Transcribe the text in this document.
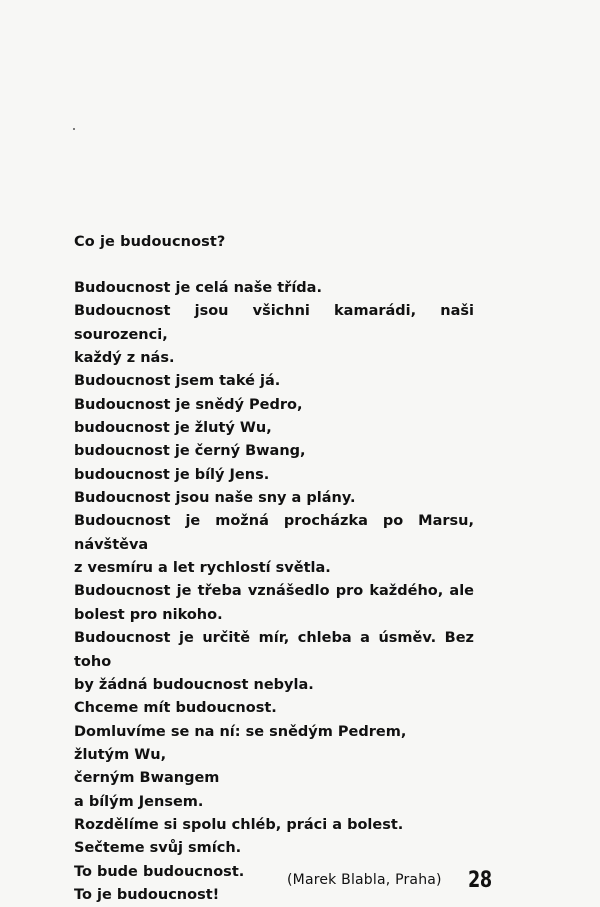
Co je budoucnost?
Budoucnost je celá naše třída.
Budoucnost jsou všichni kamarádi, naši sourozenci,
každý z nás.
Budoucnost jsem také já.
Budoucnost je snědý Pedro,
budoucnost je žlutý Wu,
budoucnost je černý Bwang,
budoucnost je bílý Jens.
Budoucnost jsou naše sny a plány.
Budoucnost je možná procházka po Marsu, návštěva
z vesmíru a let rychlostí světla.
Budoucnost je třeba vznášedlo pro každého, ale
bolest pro nikoho.
Budoucnost je určitě mír, chleba a úsměv. Bez toho
by žádná budoucnost nebyla.
Chceme mít budoucnost.
Domluvíme se na ní: se snědým Pedrem,
žlutým Wu,
černým Bwangem
a bílým Jensem.
Rozdělíme si spolu chléb, práci a bolest.
Sečteme svůj smích.
To bude budoucnost.
To je budoucnost!
(Marek Blabla, Praha) 28
